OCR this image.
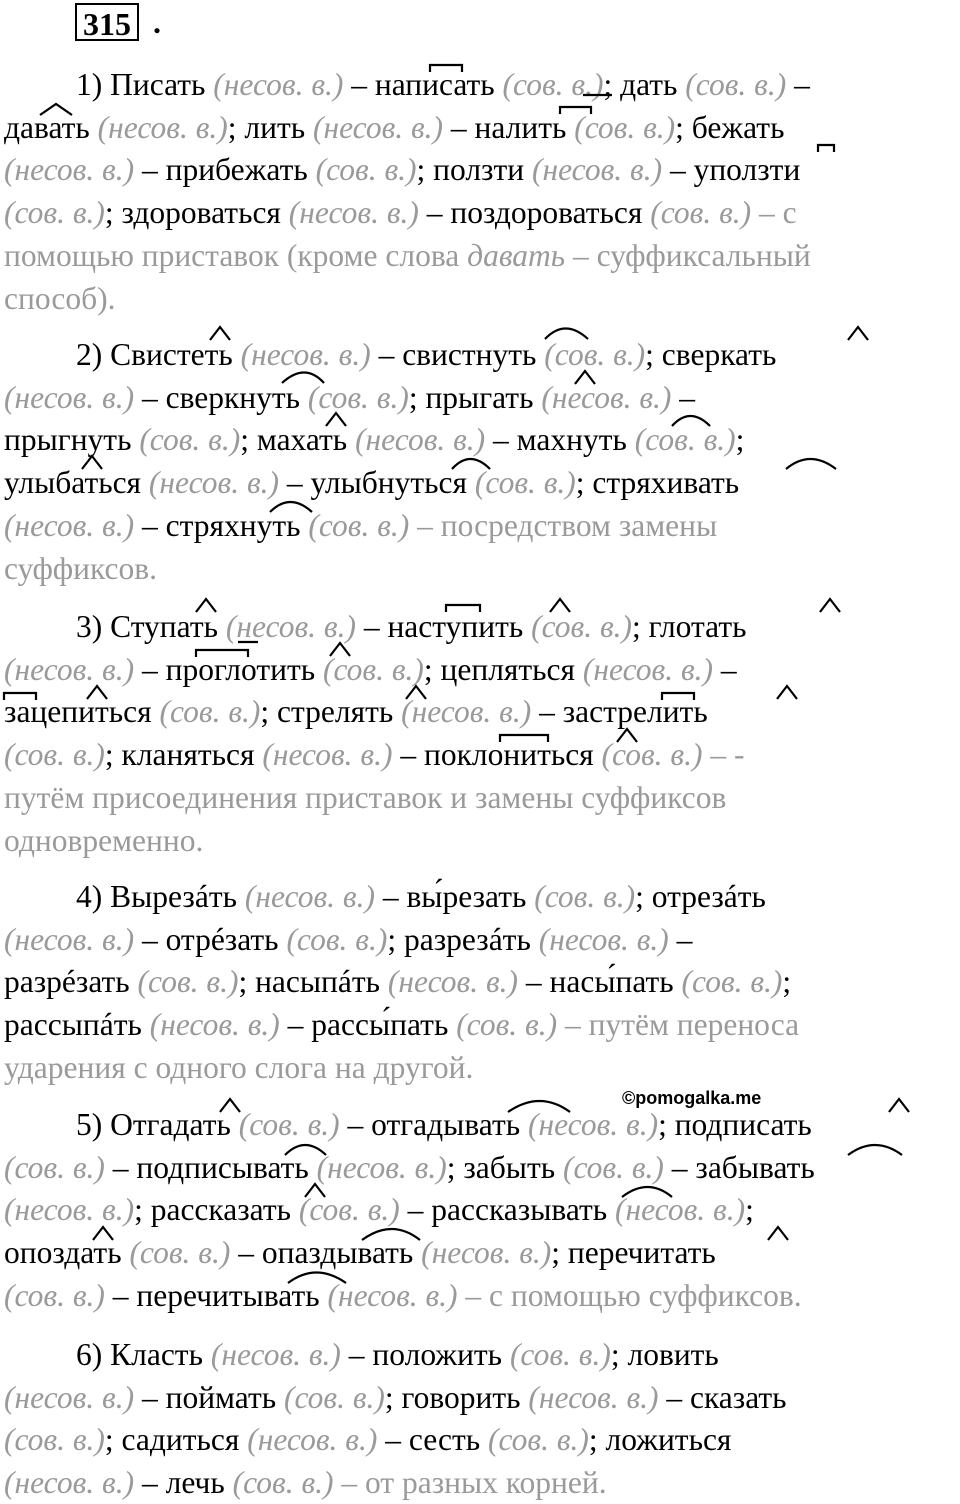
315 .
1) Писать (несов. в.) – написать (сов. в.); дать (сов. в.) –
давать (несов. в.); лить (несов. в.) – налить (сов. в.); бежать
(несов. в.) – прибежать (сов. в.); ползти (несов. в.) – уползти
(сов. в.); здороваться (несов. в.) – поздороваться (сов. в.) – с
помощью приставок (кроме слова давать – суффиксальный
способ).
2) Свистеть (несов. в.) – свистнуть (сов. в.); сверкать
(несов. в.) – сверкнуть (сов. в.); прыгать (несов. в.) –
прыгнуть (сов. в.); махать (несов. в.) – махнуть (сов. в.);
улыбаться (несов. в.) – улыбнуться (сов. в.); стряхивать
(несов. в.) – стряхнуть (сов. в.) – посредством замены
суффиксов.
3) Ступать (несов. в.) – наступить (сов. в.); глотать
(несов. в.) – проглотить (сов. в.); цепляться (несов. в.) –
зацепиться (сов. в.); стрелять (несов. в.) – застрелить
(сов. в.); кланяться (несов. в.) – поклониться (сов. в.) – -
путём присоединения приставок и замены суффиксов
одновременно.
4) Вырезáть (несов. в.) – вы́резать (сов. в.); отрезáть
(несов. в.) – отрéзать (сов. в.); разрезáть (несов. в.) –
разрéзать (сов. в.); насыпáть (несов. в.) – насы́пать (сов. в.);
рассыпáть (несов. в.) – рассы́пать (сов. в.) – путём переноса
ударения с одного слога на другой.
5) Отгадать (сов. в.) – отгадывать (несов. в.); подписать
(сов. в.) – подписывать (несов. в.); забыть (сов. в.) – забывать
(несов. в.); рассказать (сов. в.) – рассказывать (несов. в.);
опоздать (сов. в.) – опаздывать (несов. в.); перечитать
(сов. в.) – перечитывать (несов. в.) – с помощью суффиксов.
6) Класть (несов. в.) – положить (сов. в.); ловить
(несов. в.) – поймать (сов. в.); говорить (несов. в.) – сказать
(сов. в.); садиться (несов. в.) – сесть (сов. в.); ложиться
(несов. в.) – лечь (сов. в.) – от разных корней.
©pomogalka.me
